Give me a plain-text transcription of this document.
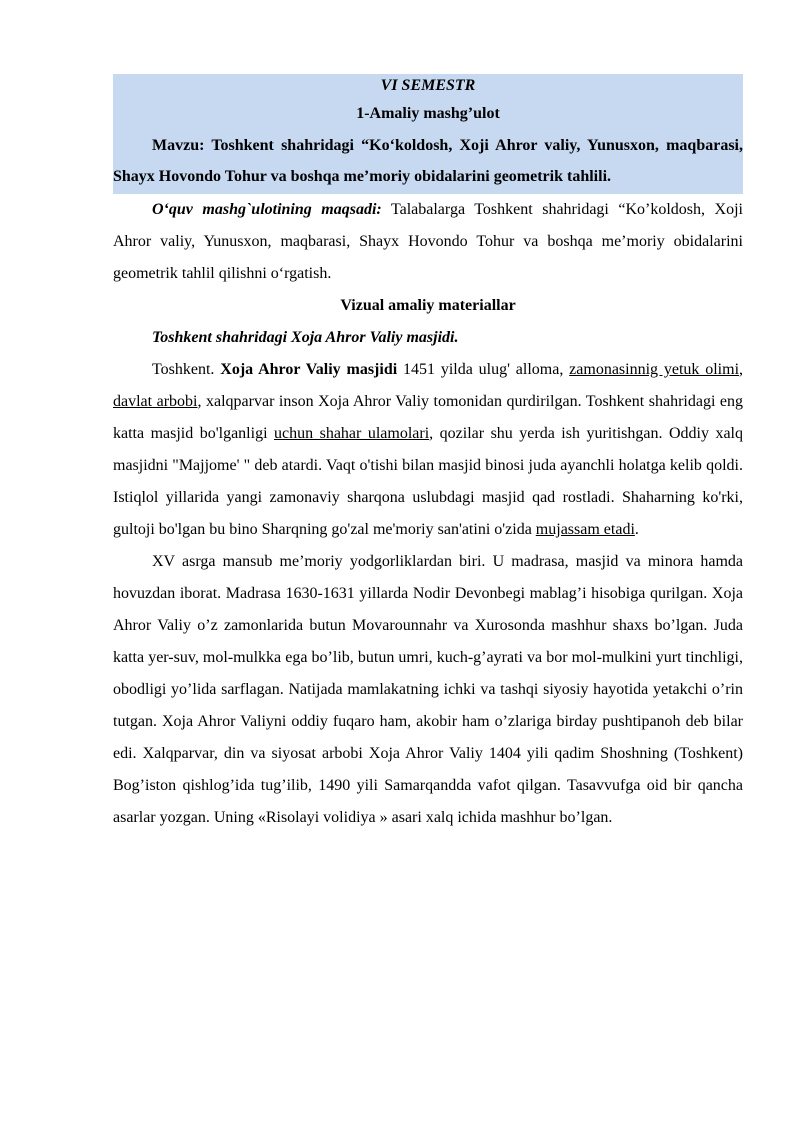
VI SEMESTR

1-Amaliy mashg’ulot

Mavzu: Toshkent shahridagi “Ko‘koldosh, Xoji Ahror valiy, Yunusxon, maqbarasi, Shayx Hovondo Tohur va boshqa me’moriy obidalarini geometrik tahlili.

O‘quv mashg`ulotining maqsadi: Talabalarga Toshkent shahridagi “Ko’koldosh, Xoji Ahror valiy, Yunusxon, maqbarasi, Shayx Hovondo Tohur va boshqa me’moriy obidalarini geometrik tahlil qilishni o‘rgatish.

Vizual amaliy materiallar

Toshkent shahridagi Xoja Ahror Valiy masjidi.

Toshkent. Xoja Ahror Valiy masjidi 1451 yilda ulug' alloma, zamonasinnig yetuk olimi, davlat arbobi, xalqparvar inson Xoja Ahror Valiy tomonidan qurdirilgan. Toshkent shahridagi eng katta masjid bo'lganligi uchun shahar ulamolari, qozilar shu yerda ish yuritishgan. Oddiy xalq masjidni "Majjome' " deb atardi. Vaqt o'tishi bilan masjid binosi juda ayanchli holatga kelib qoldi. Istiqlol yillarida yangi zamonaviy sharqona uslubdagi masjid qad rostladi. Shaharning ko'rki, gultoji bo'lgan bu bino Sharqning go'zal me'moriy san'atini o'zida mujassam etadi.

XV asrga mansub me’moriy yodgorliklardan biri. U madrasa, masjid va minora hamda hovuzdan iborat. Madrasa 1630-1631 yillarda Nodir Devonbegi mablag’i hisobiga qurilgan. Xoja Ahror Valiy o’z zamonlarida butun Movarounnahr va Xurosonda mashhur shaxs bo’lgan. Juda katta yer-suv, mol-mulkka ega bo’lib, butun umri, kuch-g’ayrati va bor mol-mulkini yurt tinchligi, obodligi yo’lida sarflagan. Natijada mamlakatning ichki va tashqi siyosiy hayotida yetakchi o’rin tutgan. Xoja Ahror Valiyni oddiy fuqaro ham, akobir ham o’zlariga birday pushtipanoh deb bilar edi. Xalqparvar, din va siyosat arbobi Xoja Ahror Valiy 1404 yili qadim Shoshning (Toshkent) Bog’iston qishlog’ida tug’ilib, 1490 yili Samarqandda vafot qilgan. Tasavvufga oid bir qancha asarlar yozgan. Uning «Risolayi volidiya » asari xalq ichida mashhur bo’lgan.
